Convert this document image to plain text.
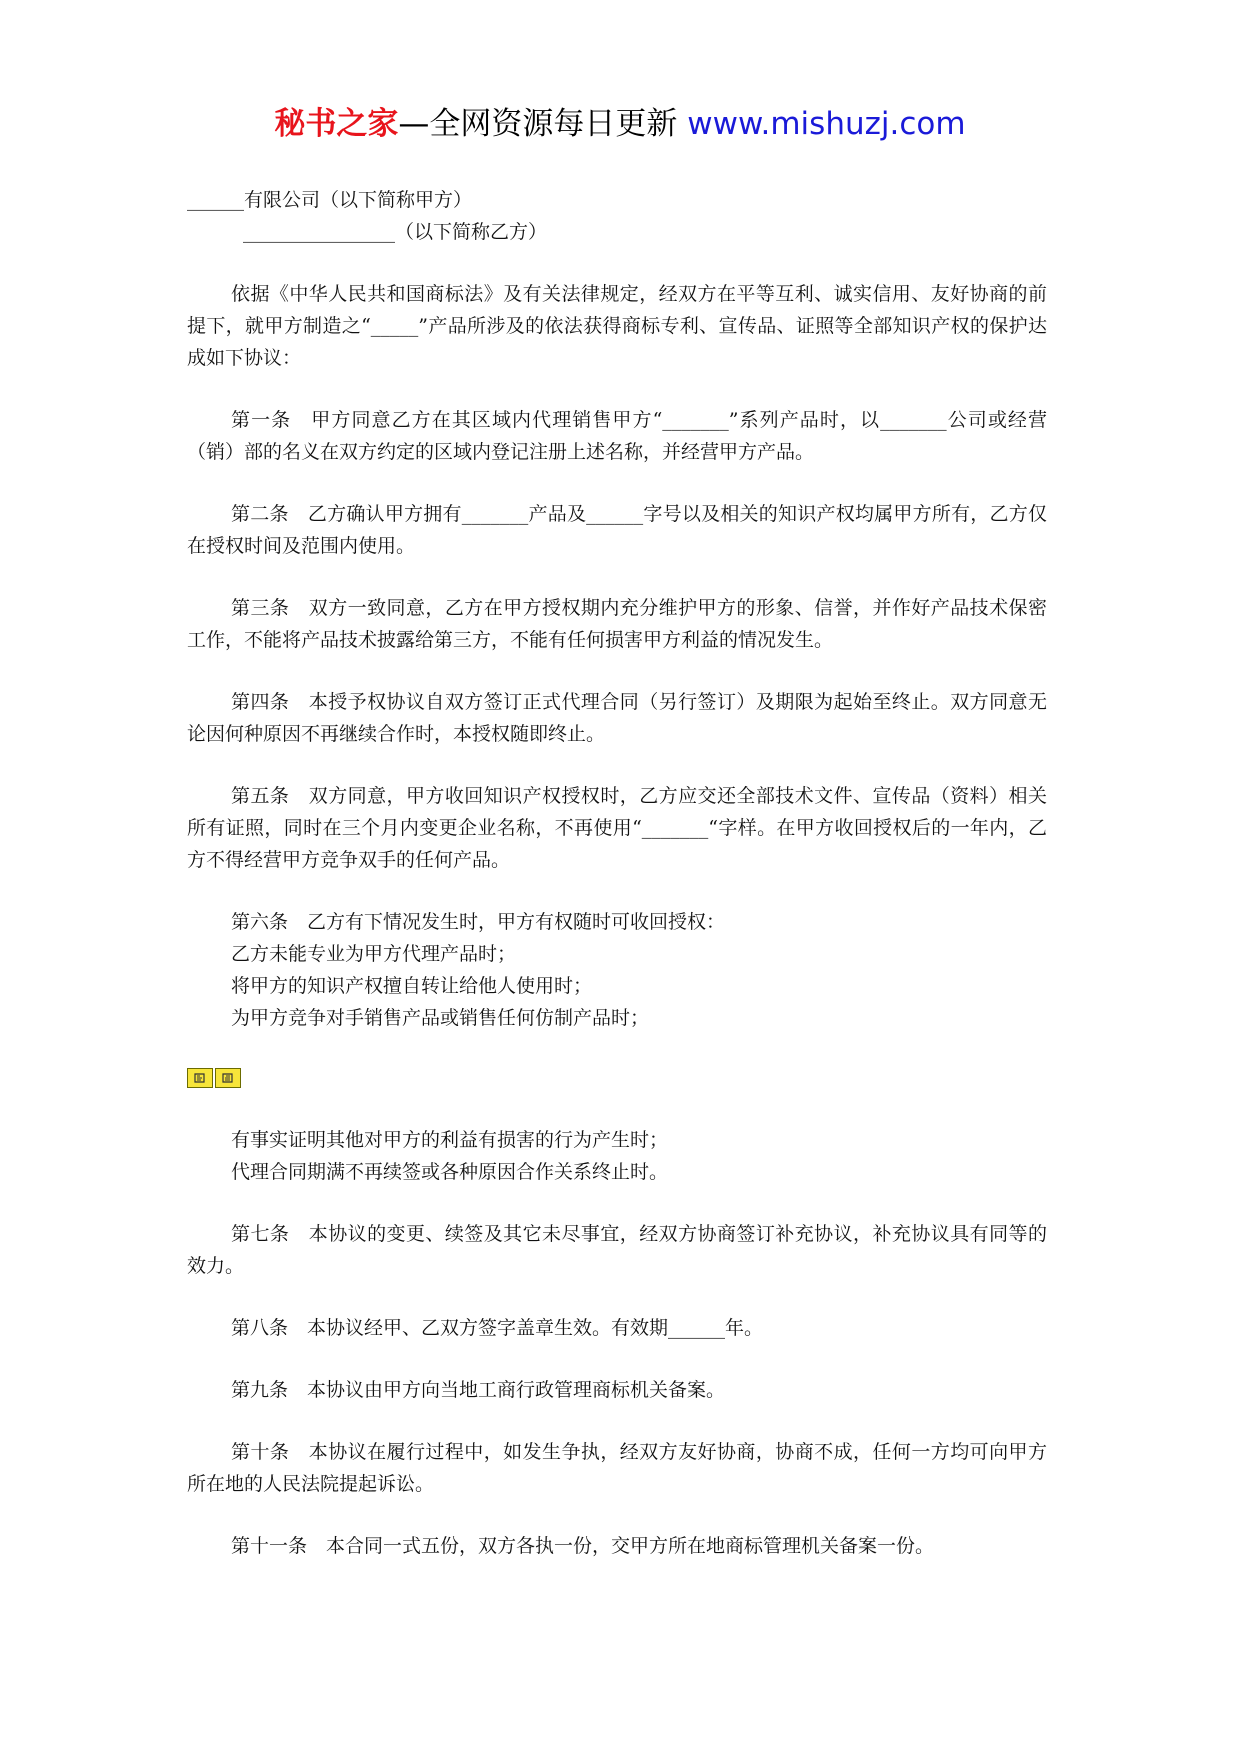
秘书之家—全网资源每日更新 www.mishuzj.com

______有限公司（以下简称甲方）

________________（以下简称乙方）

依据《中华人民共和国商标法》及有关法律规定，经双方在平等互利、诚实信用、友好协商的前提下，就甲方制造之“_____”产品所涉及的依法获得商标专利、宣传品、证照等全部知识产权的保护达成如下协议：

第一条　甲方同意乙方在其区域内代理销售甲方“_______”系列产品时，以_______公司或经营（销）部的名义在双方约定的区域内登记注册上述名称，并经营甲方产品。

第二条　乙方确认甲方拥有_______产品及______字号以及相关的知识产权均属甲方所有，乙方仅在授权时间及范围内使用。

第三条　双方一致同意，乙方在甲方授权期内充分维护甲方的形象、信誉，并作好产品技术保密工作，不能将产品技术披露给第三方，不能有任何损害甲方利益的情况发生。

第四条　本授予权协议自双方签订正式代理合同（另行签订）及期限为起始至终止。双方同意无论因何种原因不再继续合作时，本授权随即终止。

第五条　双方同意，甲方收回知识产权授权时，乙方应交还全部技术文件、宣传品（资料）相关所有证照，同时在三个月内变更企业名称，不再使用“_______“字样。在甲方收回授权后的一年内，乙方不得经营甲方竞争双手的任何产品。

第六条　乙方有下情况发生时，甲方有权随时可收回授权：

乙方未能专业为甲方代理产品时；

将甲方的知识产权擅自转让给他人使用时；

为甲方竞争对手销售产品或销售任何仿制产品时；

有事实证明其他对甲方的利益有损害的行为产生时；

代理合同期满不再续签或各种原因合作关系终止时。

第七条　本协议的变更、续签及其它未尽事宜，经双方协商签订补充协议，补充协议具有同等的效力。

第八条　本协议经甲、乙双方签字盖章生效。有效期______年。

第九条　本协议由甲方向当地工商行政管理商标机关备案。

第十条　本协议在履行过程中，如发生争执，经双方友好协商，协商不成，任何一方均可向甲方所在地的人民法院提起诉讼。

第十一条　本合同一式五份，双方各执一份，交甲方所在地商标管理机关备案一份。
